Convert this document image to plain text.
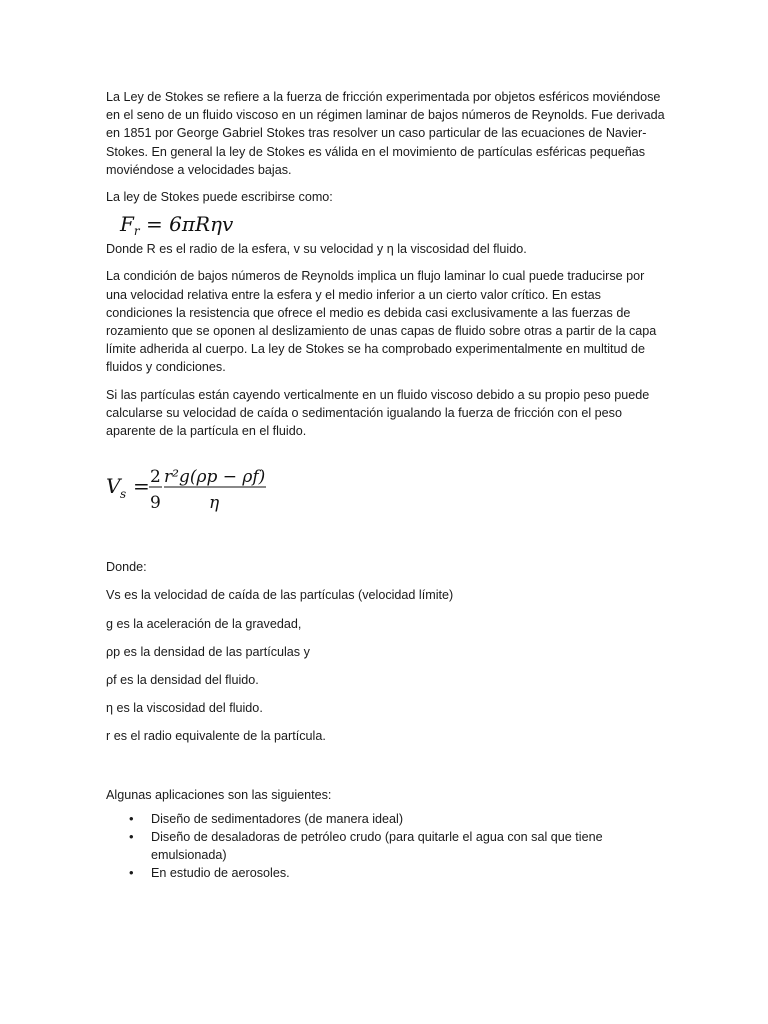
La Ley de Stokes se refiere a la fuerza de fricción experimentada por objetos esféricos moviéndose en el seno de un fluido viscoso en un régimen laminar de bajos números de Reynolds. Fue derivada en 1851 por George Gabriel Stokes tras resolver un caso particular de las ecuaciones de Navier-Stokes. En general la ley de Stokes es válida en el movimiento de partículas esféricas pequeñas moviéndose a velocidades bajas.

La ley de Stokes puede escribirse como:

$F_r = 6\pi R\eta v$

Donde R es el radio de la esfera, v su velocidad y η la viscosidad del fluido.

La condición de bajos números de Reynolds implica un flujo laminar lo cual puede traducirse por una velocidad relativa entre la esfera y el medio inferior a un cierto valor crítico. En estas condiciones la resistencia que ofrece el medio es debida casi exclusivamente a las fuerzas de rozamiento que se oponen al deslizamiento de unas capas de fluido sobre otras a partir de la capa límite adherida al cuerpo. La ley de Stokes se ha comprobado experimentalmente en multitud de fluidos y condiciones.

Si las partículas están cayendo verticalmente en un fluido viscoso debido a su propio peso puede calcularse su velocidad de caída o sedimentación igualando la fuerza de fricción con el peso aparente de la partícula en el fluido.

V s = 2
9
r²g(ρp − ρf)
η

Donde:

Vs es la velocidad de caída de las partículas (velocidad límite)

g es la aceleración de la gravedad,

ρp es la densidad de las partículas y

ρf es la densidad del fluido.

η es la viscosidad del fluido.

r es el radio equivalente de la partícula.

Algunas aplicaciones son las siguientes:

• Diseño de sedimentadores (de manera ideal)
• Diseño de desaladoras de petróleo crudo (para quitarle el agua con sal que tiene emulsionada)
• En estudio de aerosoles.
